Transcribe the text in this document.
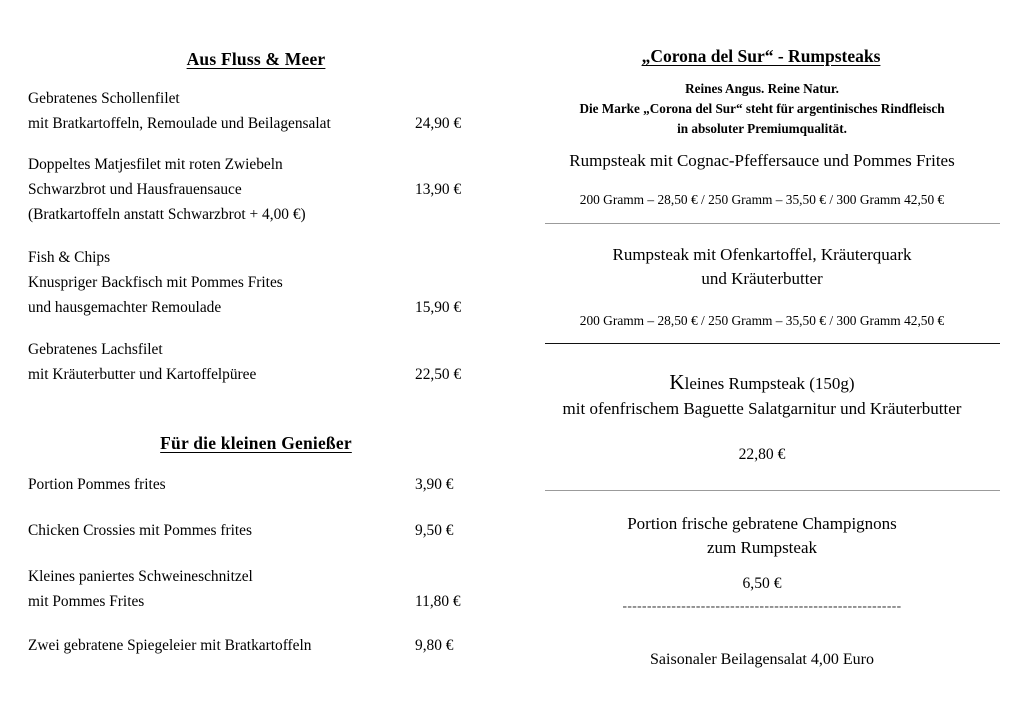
Aus Fluss & Meer
Gebratenes Schollenfilet
mit Bratkartoffeln, Remoulade und Beilagensalat	24,90 €
Doppeltes Matjesfilet mit roten Zwiebeln
Schwarzbrot und Hausfrauensauce
(Bratkartoffeln anstatt Schwarzbrot + 4,00 €)
13,90 €
Fish & Chips
Knuspriger Backfisch mit Pommes Frites
und hausgemachter Remoulade	15,90 €
Gebratenes Lachsfilet
mit Kräuterbutter und Kartoffelpüree	22,50 €
Für die kleinen Genießer
Portion Pommes frites	3,90 €
Chicken Crossies mit Pommes frites	9,50 €
Kleines paniertes Schweineschnitzel
mit Pommes Frites	11,80 €
Zwei gebratene Spiegeleier mit Bratkartoffeln	9,80 €
„Corona del Sur“ - Rumpsteaks
Reines Angus. Reine Natur.
Die Marke „Corona del Sur“ steht für argentinisches Rindfleisch
in absoluter Premiumqualität.
Rumpsteak mit Cognac-Pfeffersauce und Pommes Frites
200 Gramm – 28,50 € / 250 Gramm – 35,50 € / 300 Gramm 42,50 €
Rumpsteak mit Ofenkartoffel, Kräuterquark
und Kräuterbutter
200 Gramm – 28,50 € / 250 Gramm – 35,50 € / 300 Gramm 42,50 €
Kleines Rumpsteak (150g)
mit ofenfrischem Baguette Salatgarnitur und Kräuterbutter
22,80 €
Portion frische gebratene Champignons
zum Rumpsteak
6,50 €
---------------------------------------------------------
Saisonaler Beilagensalat 4,00 Euro
